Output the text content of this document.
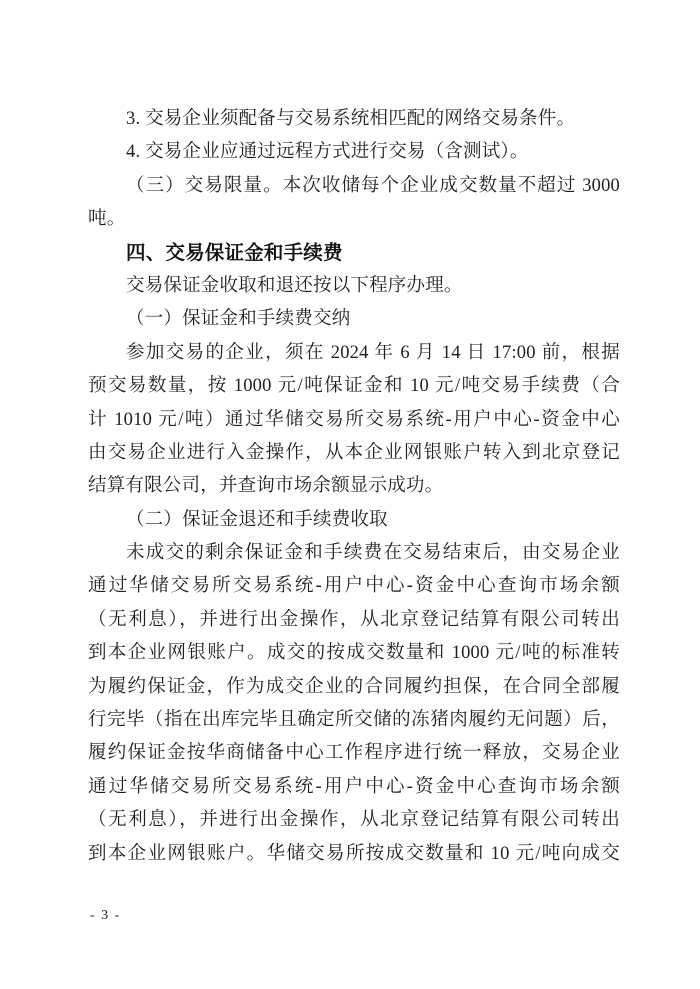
3. 交易企业须配备与交易系统相匹配的网络交易条件。
4. 交易企业应通过远程方式进行交易（含测试）。
（三）交易限量。本次收储每个企业成交数量不超过 3000
吨。
四、交易保证金和手续费
交易保证金收取和退还按以下程序办理。
（一）保证金和手续费交纳
参加交易的企业，须在 2024 年 6 月 14 日 17:00 前，根据
预交易数量，按 1000 元/吨保证金和 10 元/吨交易手续费（合
计 1010 元/吨）通过华储交易所交易系统-用户中心-资金中心
由交易企业进行入金操作，从本企业网银账户转入到北京登记
结算有限公司，并查询市场余额显示成功。
（二）保证金退还和手续费收取
未成交的剩余保证金和手续费在交易结束后，由交易企业
通过华储交易所交易系统-用户中心-资金中心查询市场余额
（无利息），并进行出金操作，从北京登记结算有限公司转出
到本企业网银账户。成交的按成交数量和 1000 元/吨的标准转
为履约保证金，作为成交企业的合同履约担保，在合同全部履
行完毕（指在出库完毕且确定所交储的冻猪肉履约无问题）后，
履约保证金按华商储备中心工作程序进行统一释放，交易企业
通过华储交易所交易系统-用户中心-资金中心查询市场余额
（无利息），并进行出金操作，从北京登记结算有限公司转出
到本企业网银账户。华储交易所按成交数量和 10 元/吨向成交
- 3 -
